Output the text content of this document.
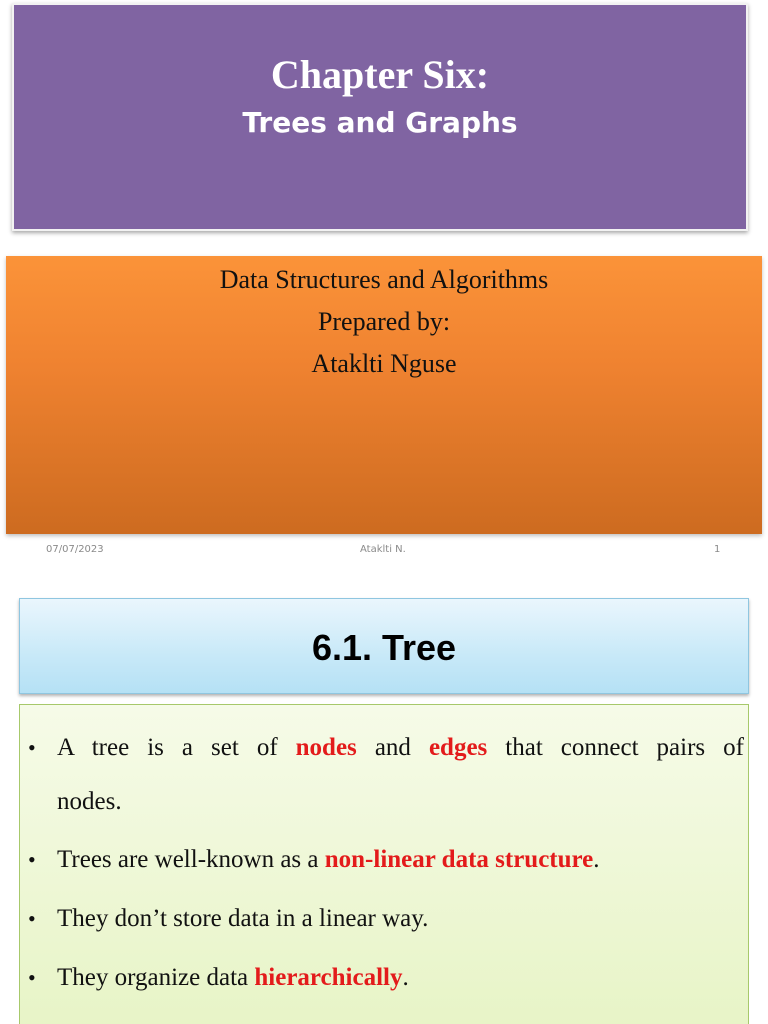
Chapter Six:
Trees and Graphs
Data Structures and Algorithms
Prepared by:
Ataklti Nguse
07/07/2023	Ataklti N.	1
6.1. Tree
• A tree is a set of nodes and edges that connect pairs of
nodes.
• Trees are well-known as a non-linear data structure.
• They don’t store data in a linear way.
• They organize data hierarchically.
